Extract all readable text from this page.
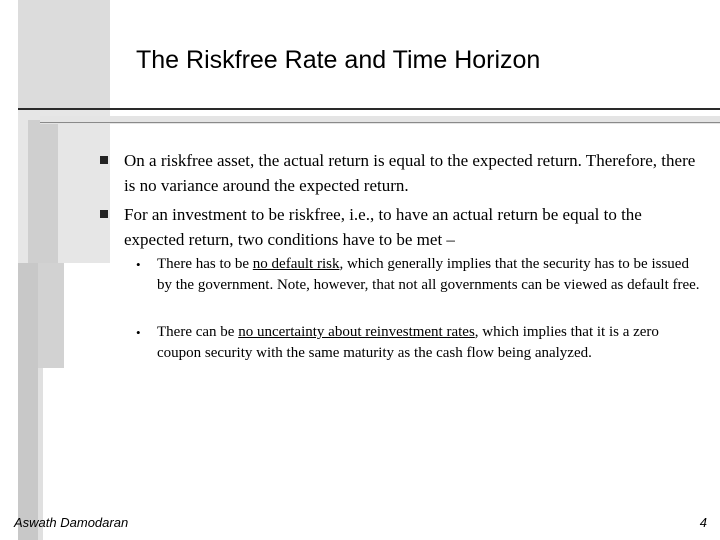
The Riskfree Rate and Time Horizon
On a riskfree asset, the actual return is equal to the expected return. Therefore, there is no variance around the expected return.
For an investment to be riskfree, i.e., to have an actual return be equal to the expected return, two conditions have to be met –
• There has to be no default risk, which generally implies that the security has to be issued by the government. Note, however, that not all governments can be viewed as default free.
• There can be no uncertainty about reinvestment rates, which implies that it is a zero coupon security with the same maturity as the cash flow being analyzed.
Aswath Damodaran	4
